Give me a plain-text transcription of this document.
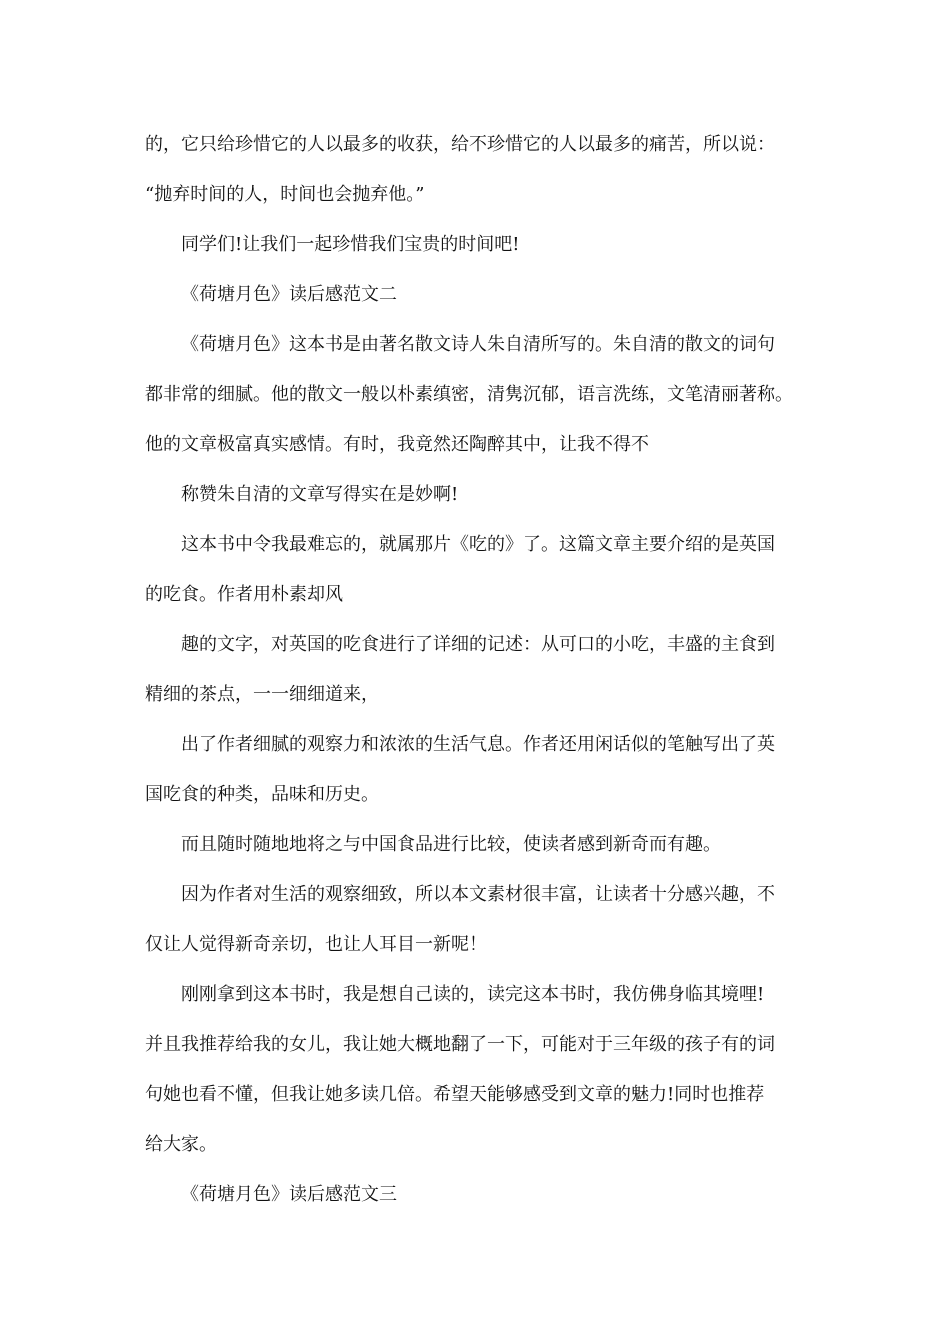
的，它只给珍惜它的人以最多的收获，给不珍惜它的人以最多的痛苦，所以说：
“抛弃时间的人，时间也会抛弃他。”
同学们!让我们一起珍惜我们宝贵的时间吧!
《荷塘月色》读后感范文二
《荷塘月色》这本书是由著名散文诗人朱自清所写的。朱自清的散文的词句
都非常的细腻。他的散文一般以朴素缜密，清隽沉郁，语言洗练，文笔清丽著称。
他的文章极富真实感情。有时，我竟然还陶醉其中，让我不得不
称赞朱自清的文章写得实在是妙啊!
这本书中令我最难忘的，就属那片《吃的》了。这篇文章主要介绍的是英国
的吃食。作者用朴素却风
趣的文字，对英国的吃食进行了详细的记述：从可口的小吃，丰盛的主食到
精细的茶点，一一细细道来，
出了作者细腻的观察力和浓浓的生活气息。作者还用闲话似的笔触写出了英
国吃食的种类，品味和历史。
而且随时随地地将之与中国食品进行比较，使读者感到新奇而有趣。
因为作者对生活的观察细致，所以本文素材很丰富，让读者十分感兴趣，不
仅让人觉得新奇亲切，也让人耳目一新呢！
刚刚拿到这本书时，我是想自己读的，读完这本书时，我仿佛身临其境哩!
并且我推荐给我的女儿，我让她大概地翻了一下，可能对于三年级的孩子有的词
句她也看不懂，但我让她多读几倍。希望天能够感受到文章的魅力!同时也推荐
给大家。
《荷塘月色》读后感范文三
